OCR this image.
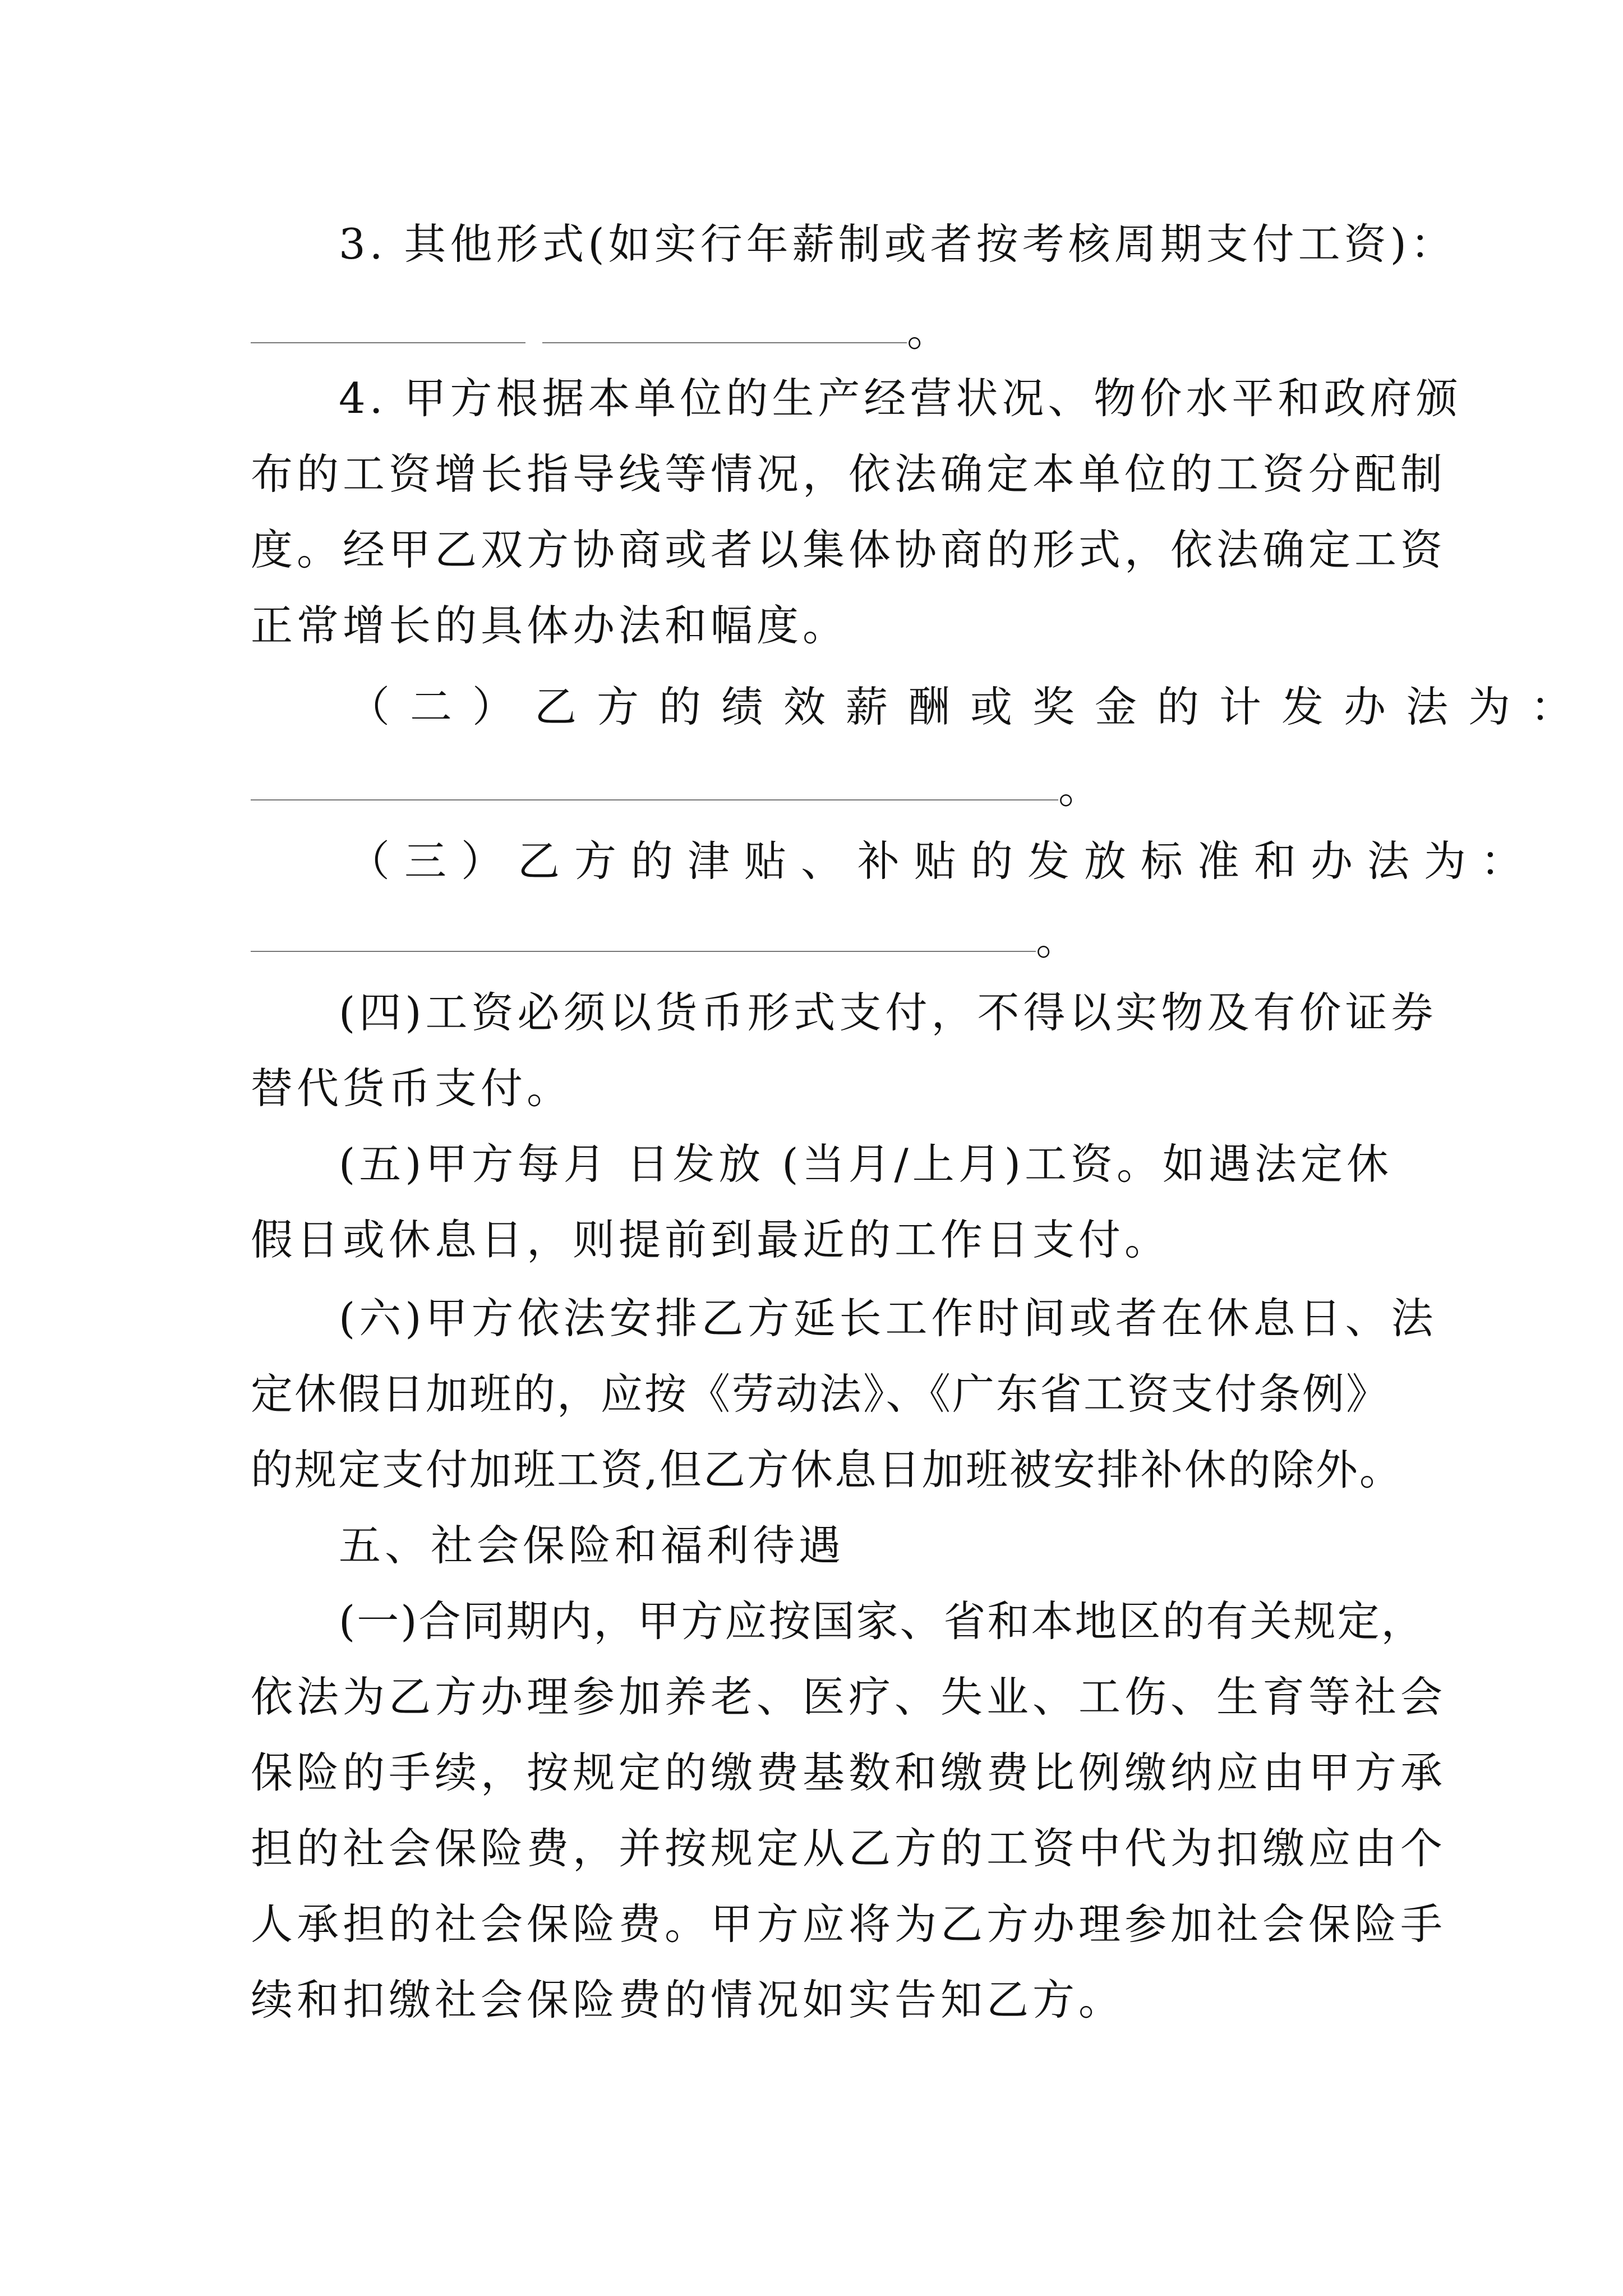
3. 其他形式(如实行年薪制或者按考核周期支付工资)：
。
4. 甲方根据本单位的生产经营状况、物价水平和政府颁
布的工资增长指导线等情况，依法确定本单位的工资分配制
度。经甲乙双方协商或者以集体协商的形式，依法确定工资
正常增长的具体办法和幅度。
（二）乙方的绩效薪酬或奖金的计发办法为：
。
（三）乙方的津贴、补贴的发放标准和办法为：
。
(四)工资必须以货币形式支付，不得以实物及有价证券
替代货币支付。
(五)甲方每月 日发放 (当月/上月)工资。如遇法定休
假日或休息日，则提前到最近的工作日支付。
(六)甲方依法安排乙方延长工作时间或者在休息日、法
定休假日加班的，应按《劳动法》、《广东省工资支付条例》
的规定支付加班工资,但乙方休息日加班被安排补休的除外。
五、社会保险和福利待遇
(一)合同期内，甲方应按国家、省和本地区的有关规定，
依法为乙方办理参加养老、医疗、失业、工伤、生育等社会
保险的手续，按规定的缴费基数和缴费比例缴纳应由甲方承
担的社会保险费，并按规定从乙方的工资中代为扣缴应由个
人承担的社会保险费。甲方应将为乙方办理参加社会保险手
续和扣缴社会保险费的情况如实告知乙方。
